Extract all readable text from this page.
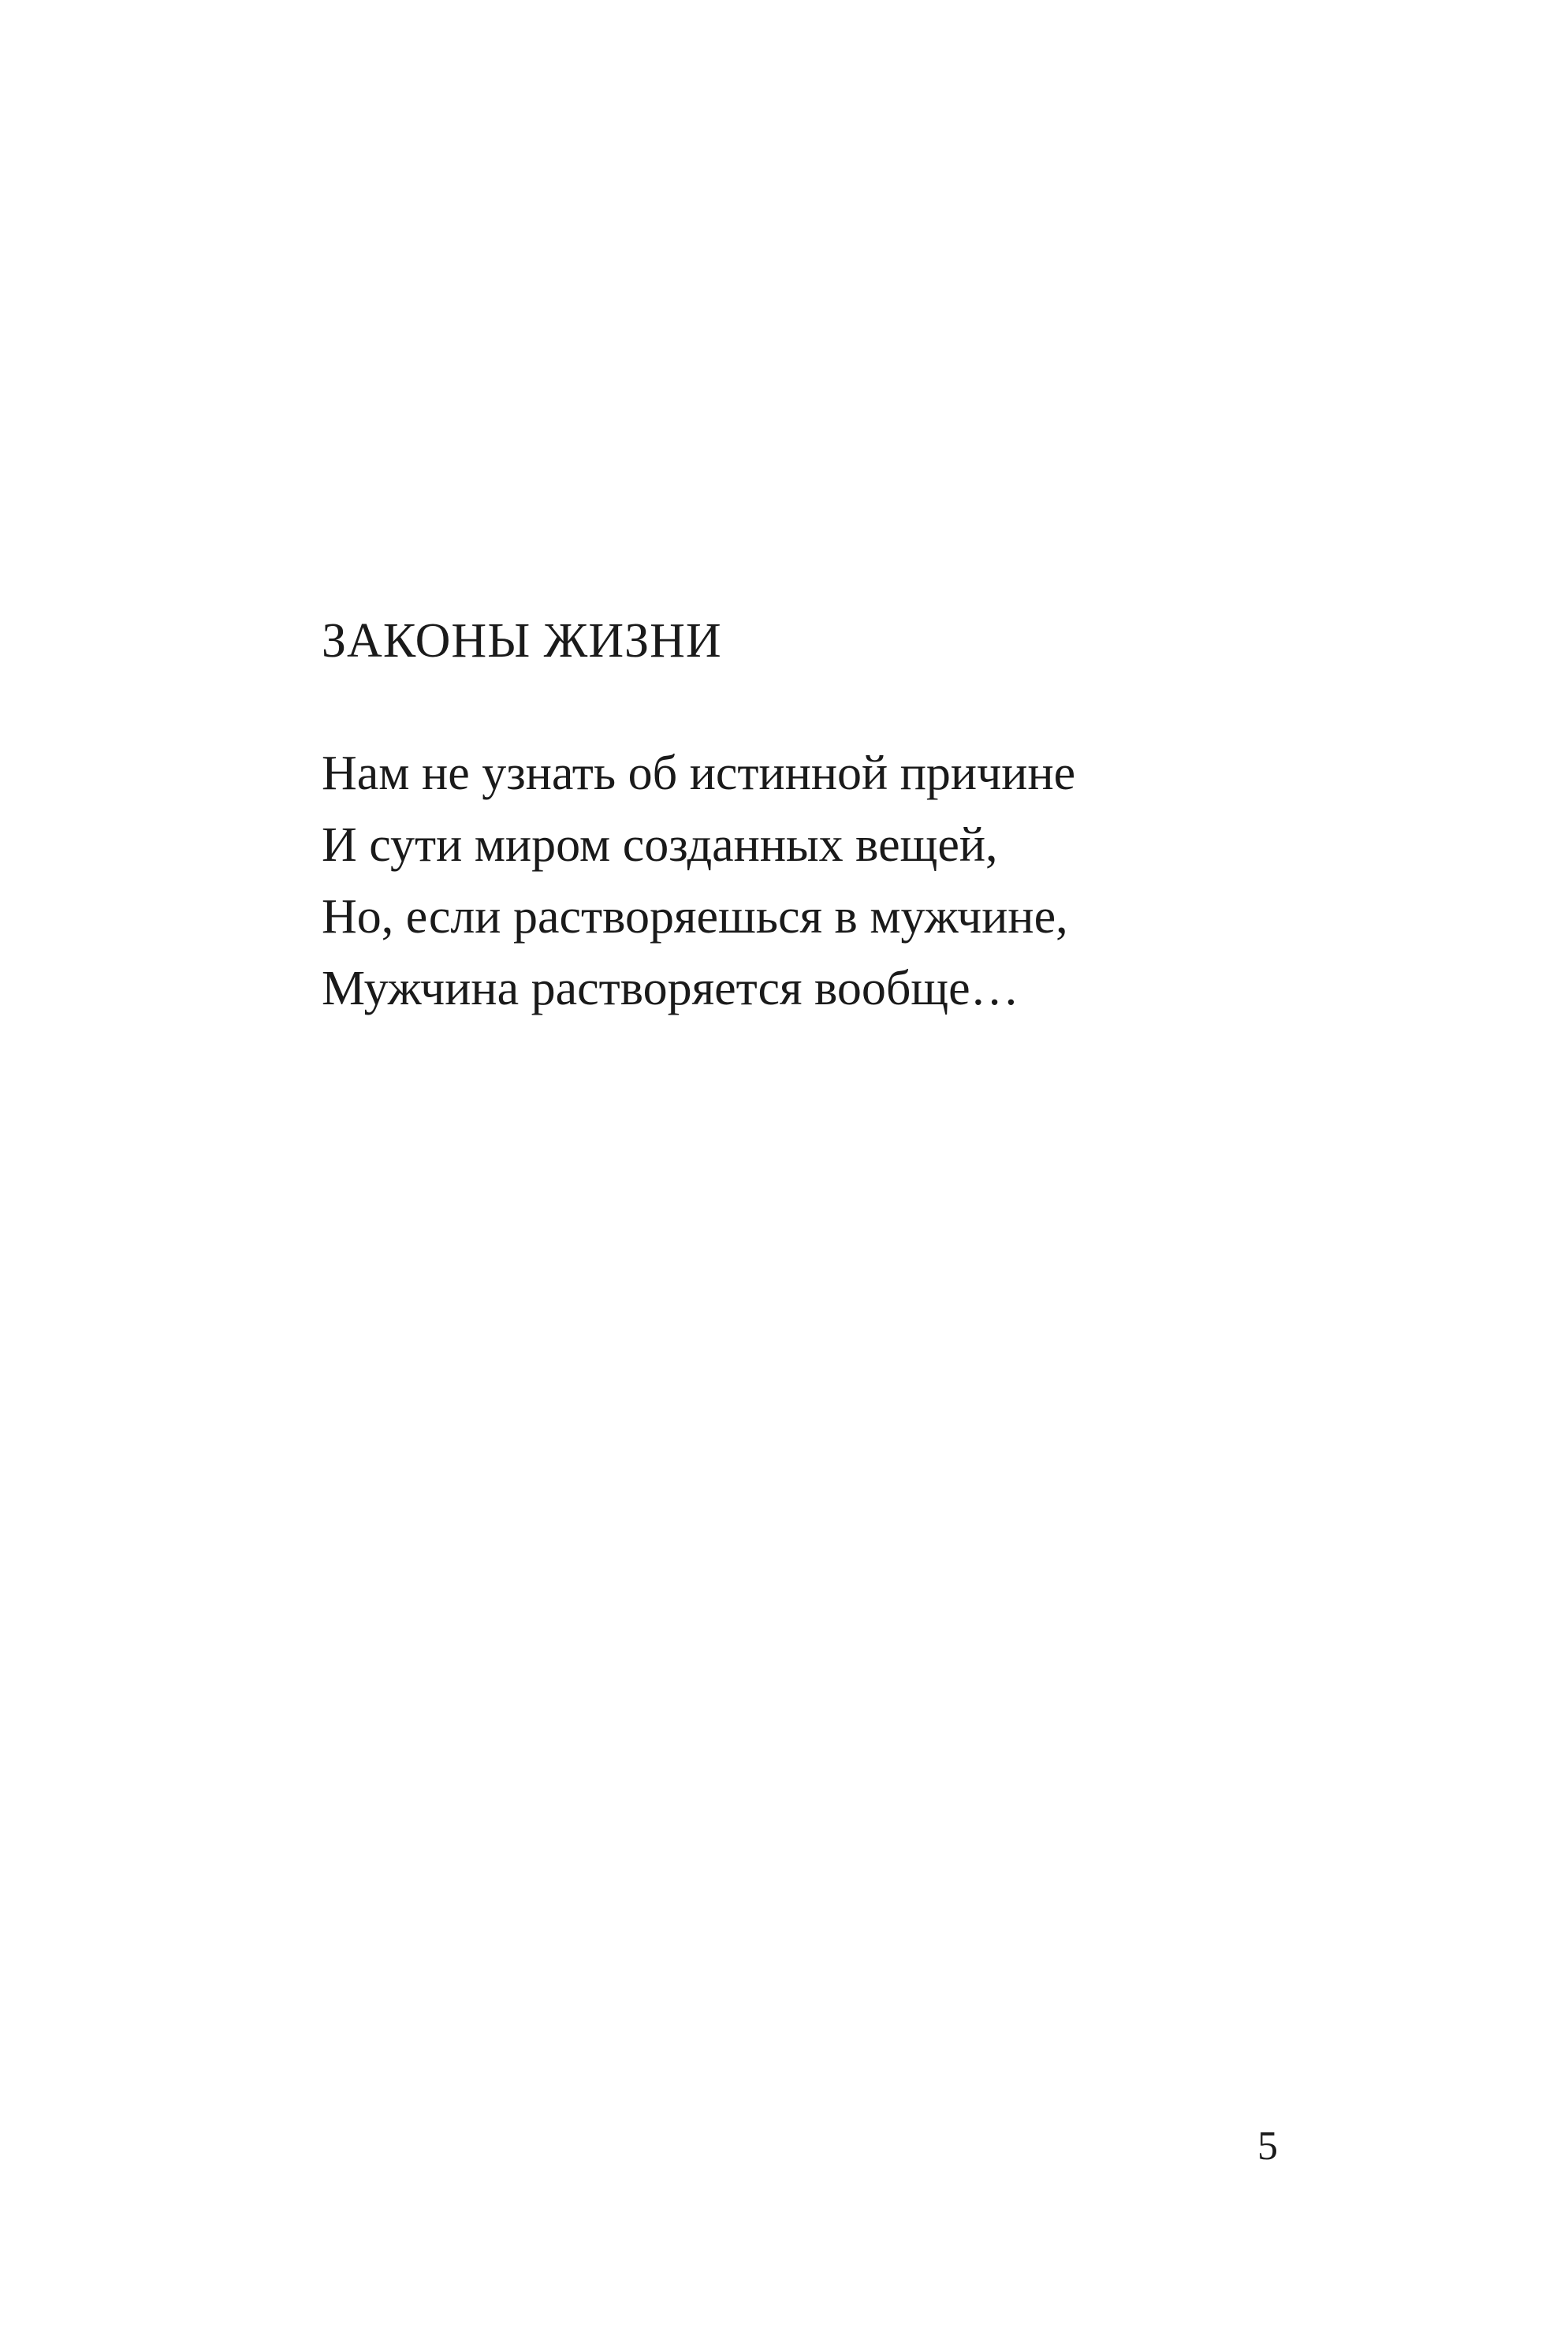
ЗАКОНЫ ЖИЗНИ
Нам не узнать об истинной причине
И сути миром созданных вещей,
Но, если растворяешься в мужчине,
Мужчина растворяется вообще…
5
